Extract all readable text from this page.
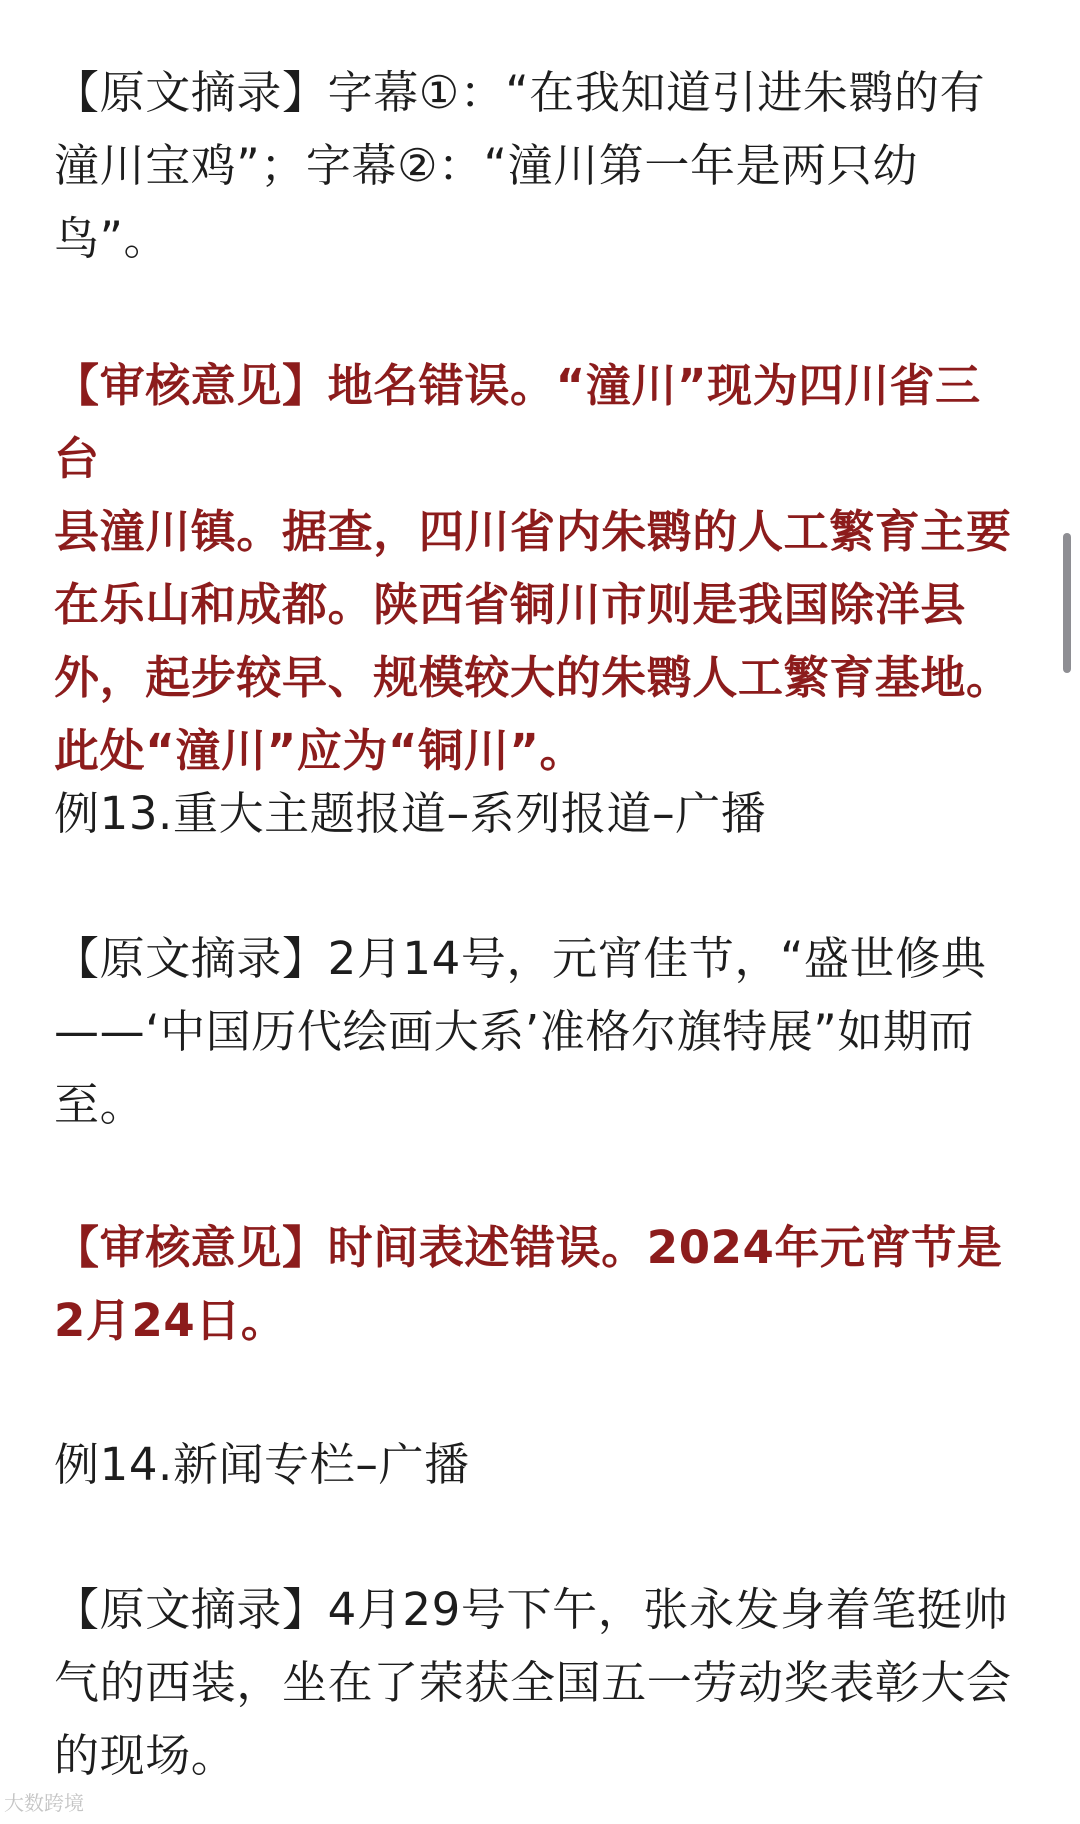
【原文摘录】字幕①：“在我知道引进朱鹮的有
潼川宝鸡”；字幕②：“潼川第一年是两只幼
鸟”。

【审核意见】地名错误。“潼川”现为四川省三台
县潼川镇。据查，四川省内朱鹮的人工繁育主要
在乐山和成都。陕西省铜川市则是我国除洋县
外，起步较早、规模较大的朱鹮人工繁育基地。
此处“潼川”应为“铜川”。

例13.重大主题报道–系列报道–广播

【原文摘录】2月14号，元宵佳节，“盛世修典
——‘中国历代绘画大系’准格尔旗特展”如期而
至。

【审核意见】时间表述错误。2024年元宵节是
2月24日。

例14.新闻专栏–广播

【原文摘录】4月29号下午，张永发身着笔挺帅
气的西装，坐在了荣获全国五一劳动奖表彰大会
的现场。

大数跨境
